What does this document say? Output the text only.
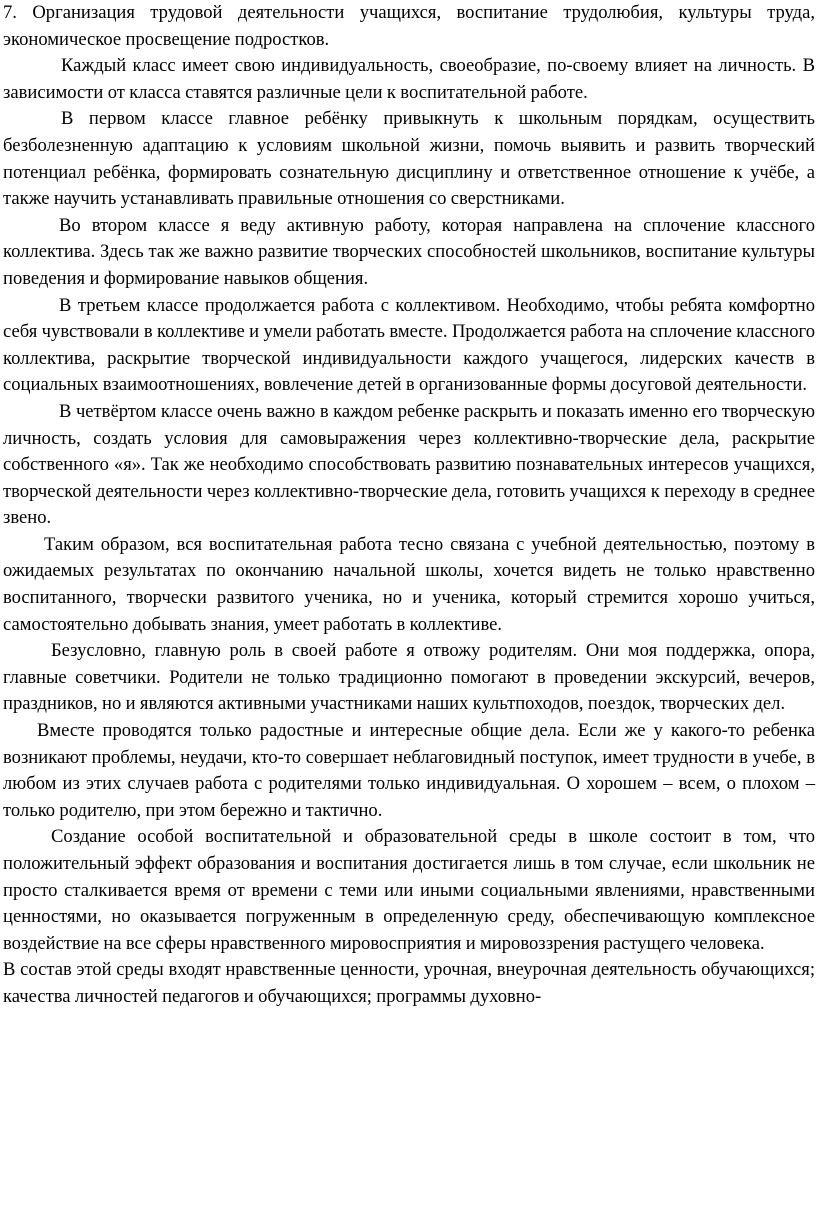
7. Организация трудовой деятельности учащихся, воспитание трудолюбия, культуры труда, экономическое просвещение подростков.

Каждый класс имеет свою индивидуальность, своеобразие, по-своему влияет на личность. В зависимости от класса ставятся различные цели к воспитательной работе.

В первом классе главное ребёнку привыкнуть к школьным порядкам, осуществить безболезненную адаптацию к условиям школьной жизни, помочь выявить и развить творческий потенциал ребёнка, формировать сознательную дисциплину и ответственное отношение к учёбе, а также научить устанавливать правильные отношения со сверстниками.

Во втором классе я веду активную работу, которая направлена на сплочение классного коллектива. Здесь так же важно развитие творческих способностей школьников, воспитание культуры поведения и формирование навыков общения.

В третьем классе продолжается работа с коллективом. Необходимо, чтобы ребята комфортно себя чувствовали в коллективе и умели работать вместе. Продолжается работа на сплочение классного коллектива, раскрытие творческой индивидуальности каждого учащегося, лидерских качеств в социальных взаимоотношениях, вовлечение детей в организованные формы досуговой деятельности.

В четвёртом классе очень важно в каждом ребенке раскрыть и показать именно его творческую личность, создать условия для самовыражения через коллективно-творческие дела, раскрытие собственного «я». Так же необходимо способствовать развитию познавательных интересов учащихся, творческой деятельности через коллективно-творческие дела, готовить учащихся к переходу в среднее звено.

Таким образом, вся воспитательная работа тесно связана с учебной деятельностью, поэтому в ожидаемых результатах по окончанию начальной школы, хочется видеть не только нравственно воспитанного, творчески развитого ученика, но и ученика, который стремится хорошо учиться, самостоятельно добывать знания, умеет работать в коллективе.

Безусловно, главную роль в своей работе я отвожу родителям. Они моя поддержка, опора, главные советчики. Родители не только традиционно помогают в проведении экскурсий, вечеров, праздников, но и являются активными участниками наших культпоходов, поездок, творческих дел.

Вместе проводятся только радостные и интересные общие дела. Если же у какого-то ребенка возникают проблемы, неудачи, кто-то совершает неблаговидный поступок, имеет трудности в учебе, в любом из этих случаев работа с родителями только индивидуальная. О хорошем – всем, о плохом – только родителю, при этом бережно и тактично.

Создание особой воспитательной и образовательной среды в школе состоит в том, что положительный эффект образования и воспитания достигается лишь в том случае, если школьник не просто сталкивается время от времени с теми или иными социальными явлениями, нравственными ценностями, но оказывается погруженным в определенную среду, обеспечивающую комплексное воздействие на все сферы нравственного мировосприятия и мировоззрения растущего человека.

В состав этой среды входят нравственные ценности, урочная, внеурочная деятельность обучающихся; качества личностей педагогов и обучающихся; программы духовно-
